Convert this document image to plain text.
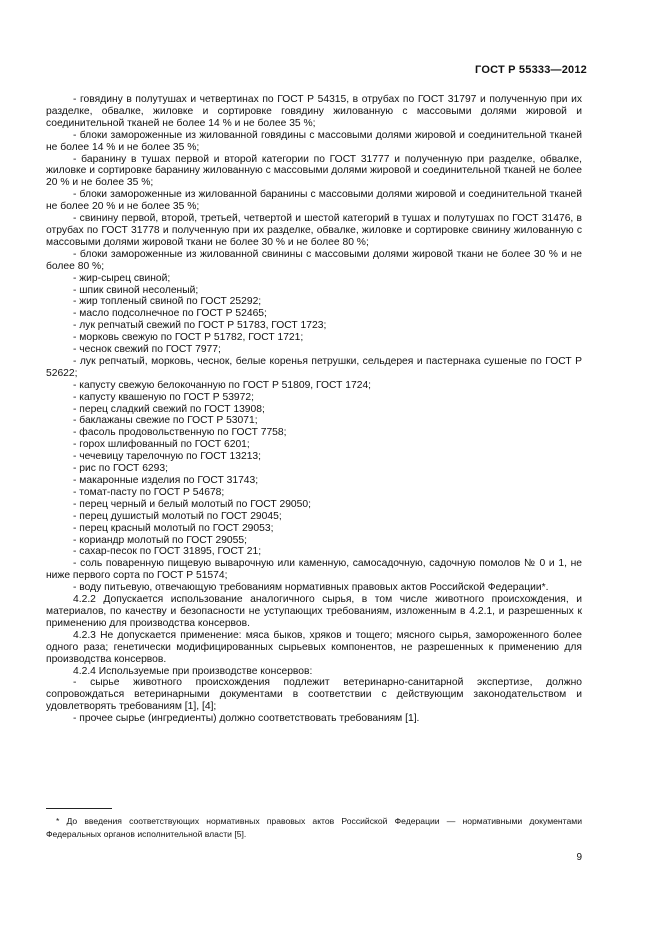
ГОСТ Р 55333—2012

- говядину в полутушах и четвертинах по ГОСТ Р 54315, в отрубах по ГОСТ 31797 и полученную при их разделке, обвалке, жиловке и сортировке говядину жилованную с массовыми долями жировой и соединительной тканей не более 14 % и не более 35 %;

- блоки замороженные из жилованной говядины с массовыми долями жировой и соединительной тканей не более 14 % и не более 35 %;

- баранину в тушах первой и второй категории по ГОСТ 31777 и полученную при разделке, обвалке, жиловке и сортировке баранину жилованную с массовыми долями жировой и соединительной тканей не более 20 % и не более 35 %;

- блоки замороженные из жилованной баранины с массовыми долями жировой и соединительной тканей не более 20 % и не более 35 %;

- свинину первой, второй, третьей, четвертой и шестой категорий в тушах и полутушах по ГОСТ 31476, в отрубах по ГОСТ 31778 и полученную при их разделке, обвалке, жиловке и сортировке свинину жилованную с массовыми долями жировой ткани не более 30 % и не более 80 %;

- блоки замороженные из жилованной свинины с массовыми долями жировой ткани не более 30 % и не более 80 %;

- жир-сырец свиной;

- шпик свиной несоленый;

- жир топленый свиной по ГОСТ 25292;

- масло подсолнечное по ГОСТ Р 52465;

- лук репчатый свежий по ГОСТ Р 51783, ГОСТ 1723;

- морковь свежую по ГОСТ Р 51782, ГОСТ 1721;

- чеснок свежий по ГОСТ 7977;

- лук репчатый, морковь, чеснок, белые коренья петрушки, сельдерея и пастернака сушеные по ГОСТ Р 52622;

- капусту свежую белокочанную по ГОСТ Р 51809, ГОСТ 1724;

- капусту квашеную по ГОСТ Р 53972;

- перец сладкий свежий по ГОСТ 13908;

- баклажаны свежие по ГОСТ Р 53071;

- фасоль продовольственную по ГОСТ 7758;

- горох шлифованный по ГОСТ 6201;

- чечевицу тарелочную по ГОСТ 13213;

- рис по ГОСТ 6293;

- макаронные изделия по ГОСТ 31743;

- томат-пасту по ГОСТ Р 54678;

- перец черный и белый молотый по ГОСТ 29050;

- перец душистый молотый по ГОСТ 29045;

- перец красный молотый по ГОСТ 29053;

- кориандр молотый по ГОСТ 29055;

- сахар-песок по ГОСТ 31895, ГОСТ 21;

- соль поваренную пищевую выварочную или каменную, самосадочную, садочную помолов № 0 и 1, не ниже первого сорта по ГОСТ Р 51574;

- воду питьевую, отвечающую требованиям нормативных правовых актов Российской Федерации*.

4.2.2 Допускается использование аналогичного сырья, в том числе животного происхождения, и материалов, по качеству и безопасности не уступающих требованиям, изложенным в 4.2.1, и разрешенных к применению для производства консервов.

4.2.3 Не допускается применение: мяса быков, хряков и тощего; мясного сырья, замороженного более одного раза; генетически модифицированных сырьевых компонентов, не разрешенных к применению для производства консервов.

4.2.4 Используемые при производстве консервов:

- сырье животного происхождения подлежит ветеринарно-санитарной экспертизе, должно сопровождаться ветеринарными документами в соответствии с действующим законодательством и удовлетворять требованиям [1], [4];

- прочее сырье (ингредиенты) должно соответствовать требованиям [1].

* До введения соответствующих нормативных правовых актов Российской Федерации — нормативными документами Федеральных органов исполнительной власти [5].

9
